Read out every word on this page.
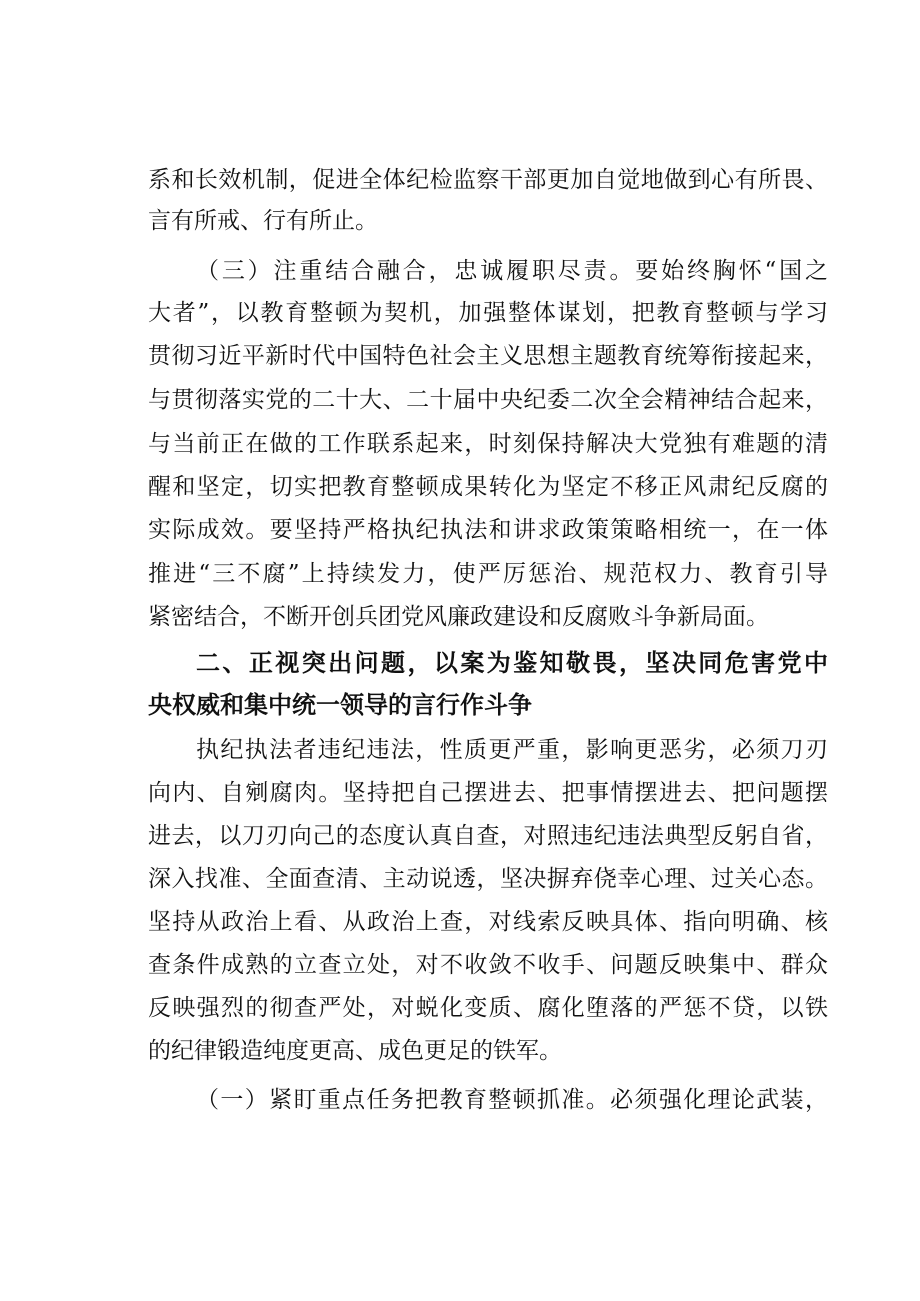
系和长效机制，促进全体纪检监察干部更加自觉地做到心有所畏、
言有所戒、行有所止。
（三）注重结合融合，忠诚履职尽责。要始终胸怀“国之
大者”，以教育整顿为契机，加强整体谋划，把教育整顿与学习
贯彻习近平新时代中国特色社会主义思想主题教育统筹衔接起来，
与贯彻落实党的二十大、二十届中央纪委二次全会精神结合起来，
与当前正在做的工作联系起来，时刻保持解决大党独有难题的清
醒和坚定，切实把教育整顿成果转化为坚定不移正风肃纪反腐的
实际成效。要坚持严格执纪执法和讲求政策策略相统一，在一体
推进“三不腐”上持续发力，使严厉惩治、规范权力、教育引导
紧密结合，不断开创兵团党风廉政建设和反腐败斗争新局面。
二、正视突出问题，以案为鉴知敬畏，坚决同危害党中
央权威和集中统一领导的言行作斗争
执纪执法者违纪违法，性质更严重，影响更恶劣，必须刀刃
向内、自剜腐肉。坚持把自己摆进去、把事情摆进去、把问题摆
进去，以刀刃向己的态度认真自查，对照违纪违法典型反躬自省，
深入找准、全面查清、主动说透，坚决摒弃侥幸心理、过关心态。
坚持从政治上看、从政治上查，对线索反映具体、指向明确、核
查条件成熟的立查立处，对不收敛不收手、问题反映集中、群众
反映强烈的彻查严处，对蜕化变质、腐化堕落的严惩不贷，以铁
的纪律锻造纯度更高、成色更足的铁军。
（一）紧盯重点任务把教育整顿抓准。必须强化理论武装，
